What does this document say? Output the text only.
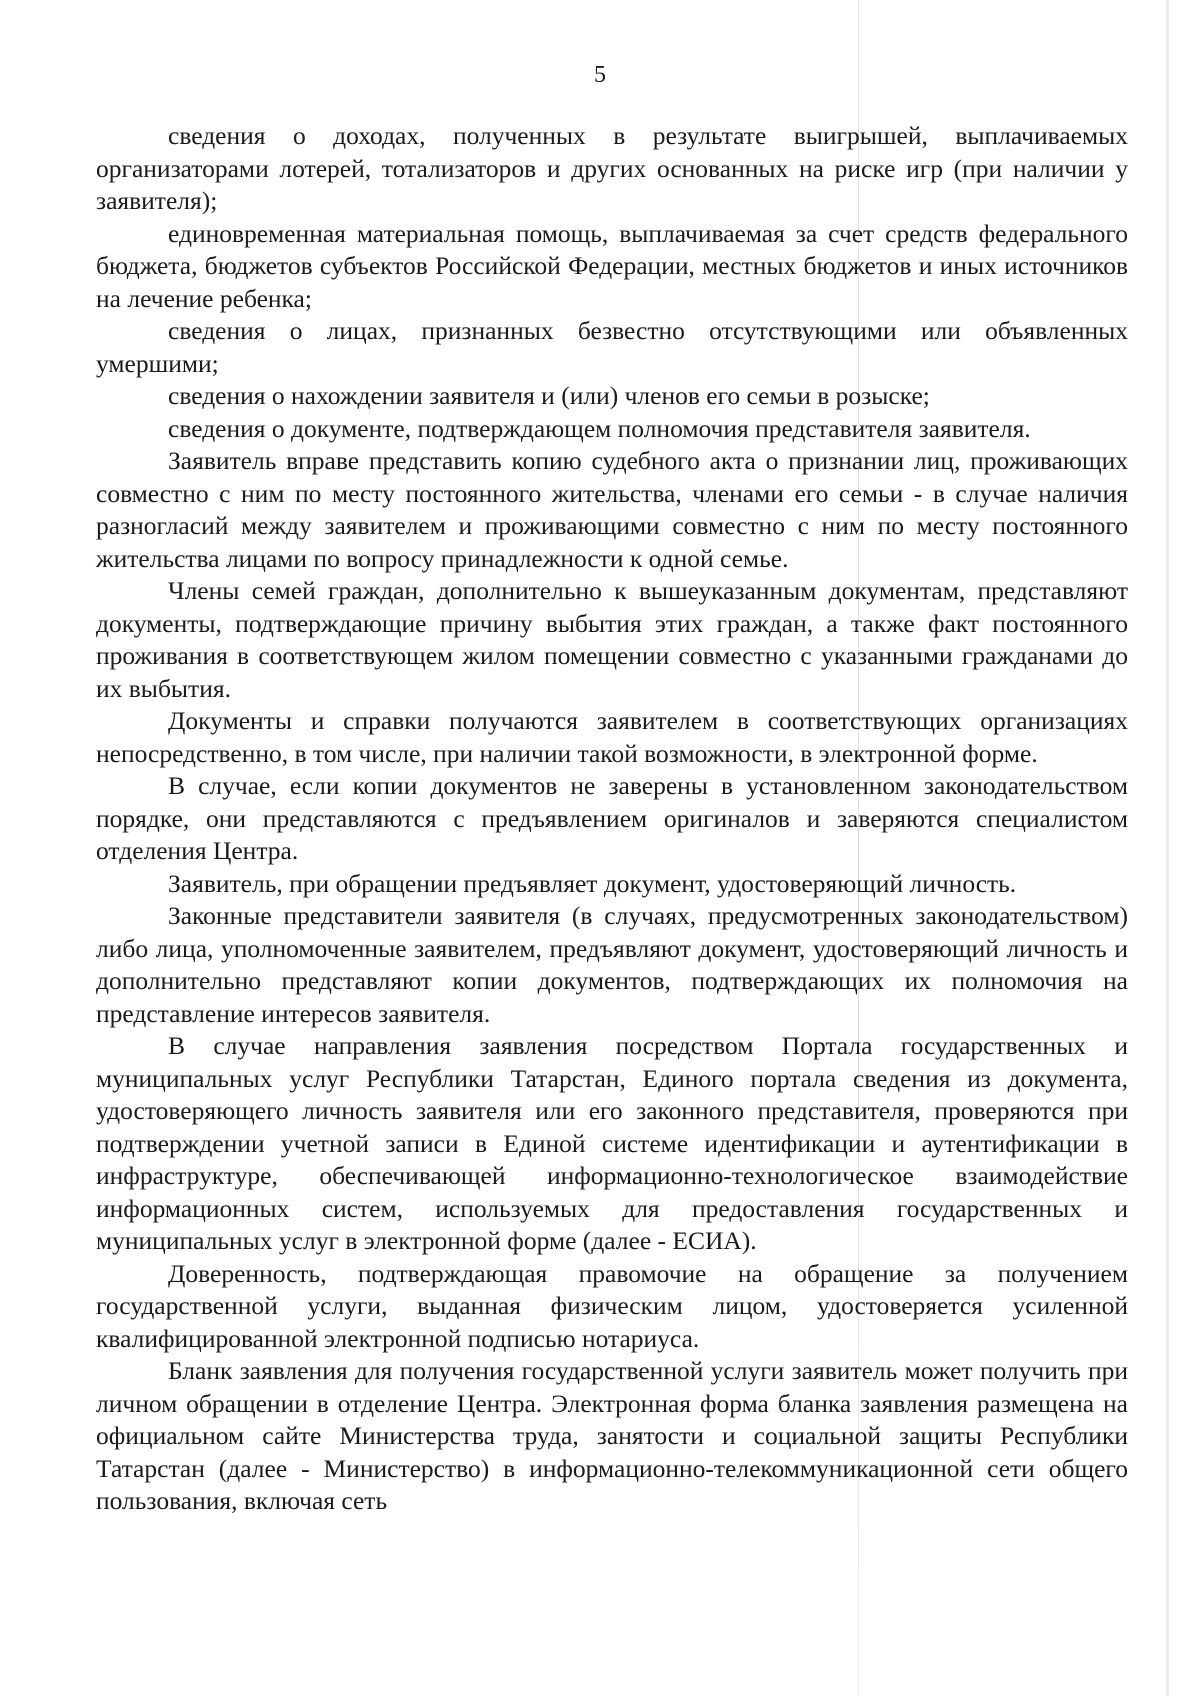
5

сведения о доходах, полученных в результате выигрышей, выплачиваемых организаторами лотерей, тотализаторов и других основанных на риске игр (при наличии у заявителя);

единовременная материальная помощь, выплачиваемая за счет средств федерального бюджета, бюджетов субъектов Российской Федерации, местных бюджетов и иных источников на лечение ребенка;

сведения о лицах, признанных безвестно отсутствующими или объявленных умершими;

сведения о нахождении заявителя и (или) членов его семьи в розыске;

сведения о документе, подтверждающем полномочия представителя заявителя.

Заявитель вправе представить копию судебного акта о признании лиц, проживающих совместно с ним по месту постоянного жительства, членами его семьи - в случае наличия разногласий между заявителем и проживающими совместно с ним по месту постоянного жительства лицами по вопросу принадлежности к одной семье.

Члены семей граждан, дополнительно к вышеуказанным документам, представляют документы, подтверждающие причину выбытия этих граждан, а также факт постоянного проживания в соответствующем жилом помещении совместно с указанными гражданами до их выбытия.

Документы и справки получаются заявителем в соответствующих организациях непосредственно, в том числе, при наличии такой возможности, в электронной форме.

В случае, если копии документов не заверены в установленном законодательством порядке, они представляются с предъявлением оригиналов и заверяются специалистом отделения Центра.

Заявитель, при обращении предъявляет документ, удостоверяющий личность.

Законные представители заявителя (в случаях, предусмотренных законодательством) либо лица, уполномоченные заявителем, предъявляют документ, удостоверяющий личность и дополнительно представляют копии документов, подтверждающих их полномочия на представление интересов заявителя.

В случае направления заявления посредством Портала государственных и муниципальных услуг Республики Татарстан, Единого портала сведения из документа, удостоверяющего личность заявителя или его законного представителя, проверяются при подтверждении учетной записи в Единой системе идентификации и аутентификации в инфраструктуре, обеспечивающей информационно-технологическое взаимодействие информационных систем, используемых для предоставления государственных и муниципальных услуг в электронной форме (далее - ЕСИА).

Доверенность, подтверждающая правомочие на обращение за получением государственной услуги, выданная физическим лицом, удостоверяется усиленной квалифицированной электронной подписью нотариуса.

Бланк заявления для получения государственной услуги заявитель может получить при личном обращении в отделение Центра. Электронная форма бланка заявления размещена на официальном сайте Министерства труда, занятости и социальной защиты Республики Татарстан (далее - Министерство) в информационно-телекоммуникационной сети общего пользования, включая сеть
